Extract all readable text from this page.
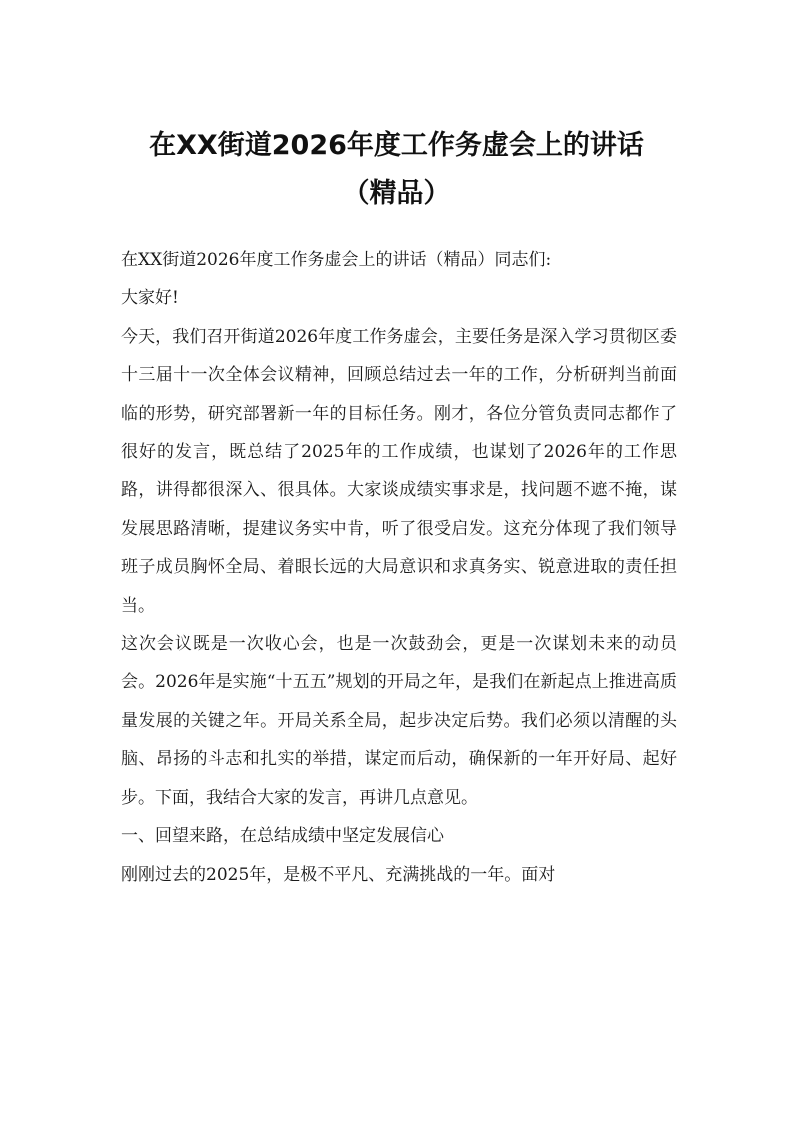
在XX街道2026年度工作务虚会上的讲话
（精品）

在XX街道2026年度工作务虚会上的讲话（精品）同志们:

大家好!

今天，我们召开街道2026年度工作务虚会，主要任务是深入学习贯彻区委十三届十一次全体会议精神，回顾总结过去一年的工作，分析研判当前面临的形势，研究部署新一年的目标任务。刚才，各位分管负责同志都作了很好的发言，既总结了2025年的工作成绩，也谋划了2026年的工作思路，讲得都很深入、很具体。大家谈成绩实事求是，找问题不遮不掩，谋发展思路清晰，提建议务实中肯，听了很受启发。这充分体现了我们领导班子成员胸怀全局、着眼长远的大局意识和求真务实、锐意进取的责任担当。

这次会议既是一次收心会，也是一次鼓劲会，更是一次谋划未来的动员会。2026年是实施“十五五”规划的开局之年，是我们在新起点上推进高质量发展的关键之年。开局关系全局，起步决定后势。我们必须以清醒的头脑、昂扬的斗志和扎实的举措，谋定而后动，确保新的一年开好局、起好步。下面，我结合大家的发言，再讲几点意见。

一、回望来路，在总结成绩中坚定发展信心

刚刚过去的2025年，是极不平凡、充满挑战的一年。面对
